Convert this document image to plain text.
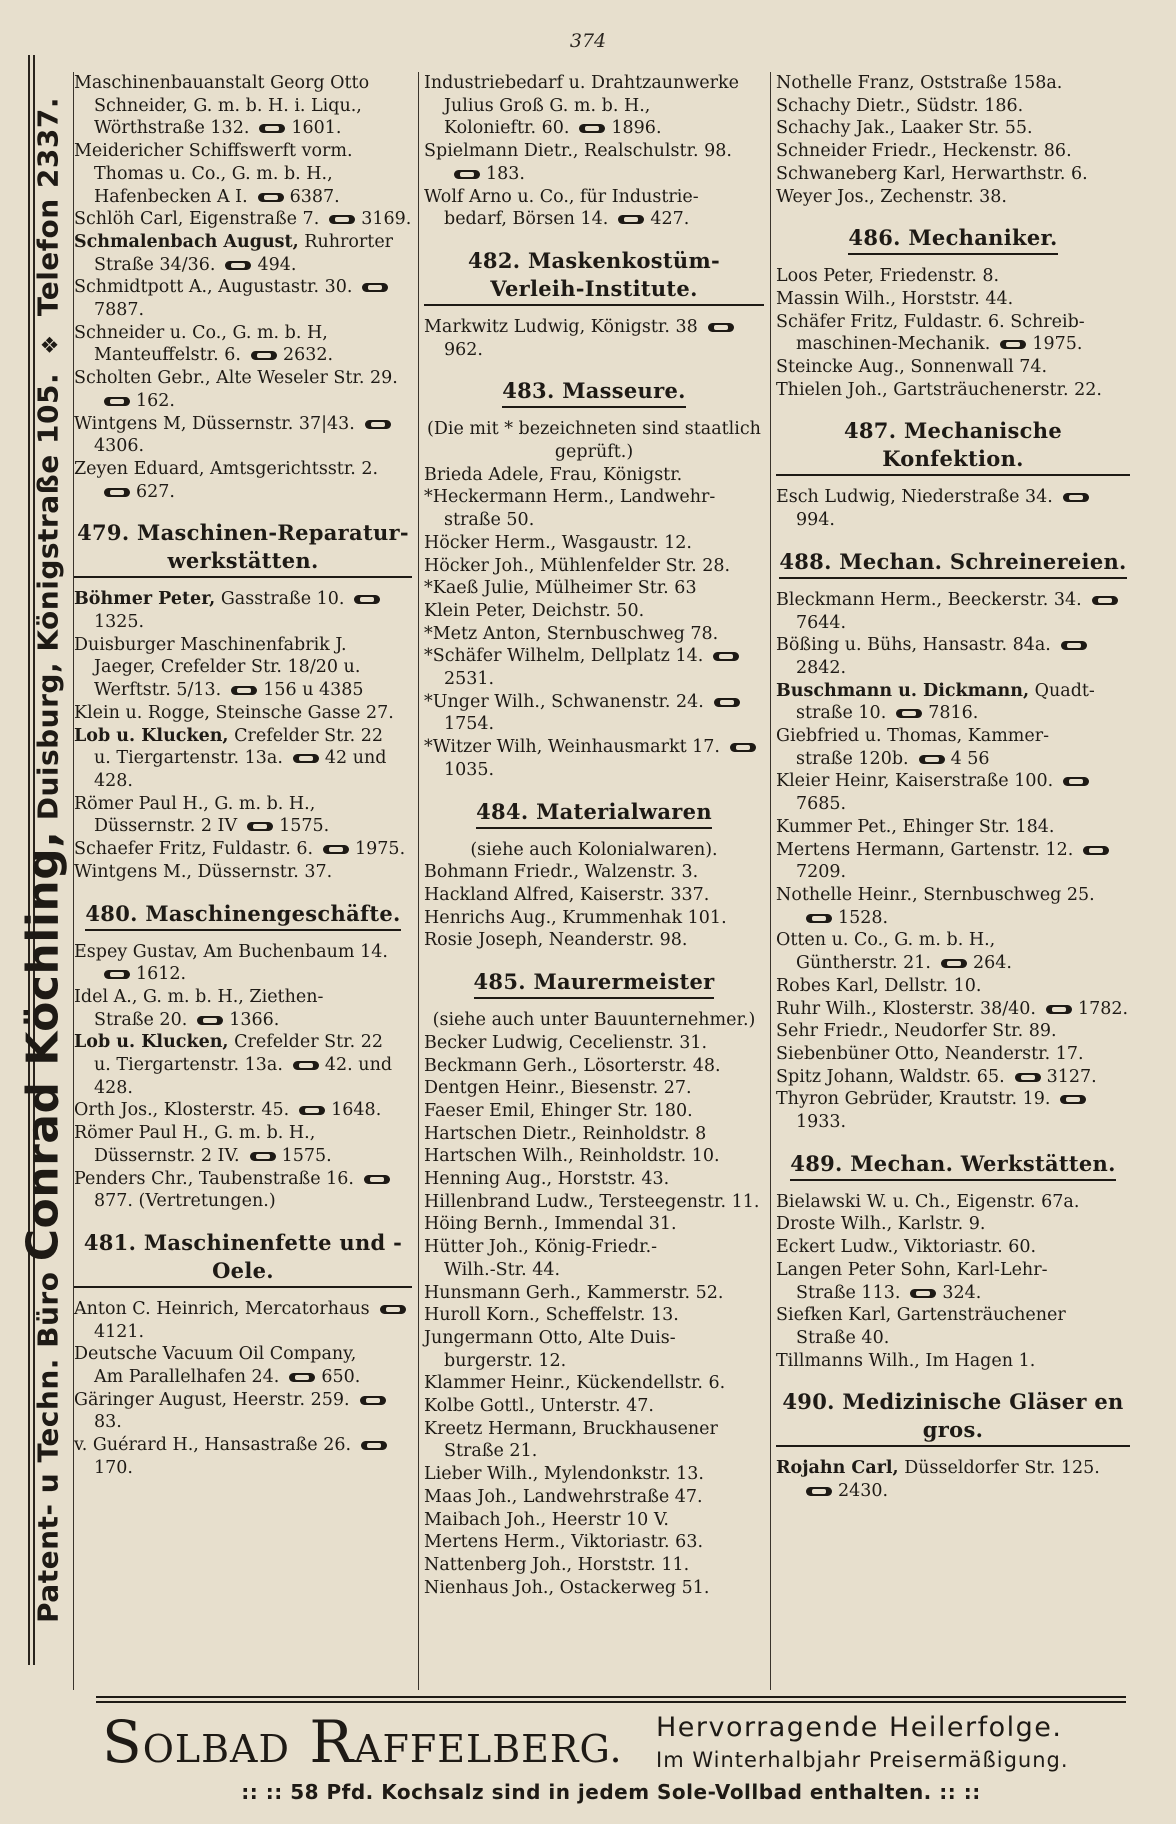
374
Patent- u Techn. Büro Conrad Köchling, Duisburg, Königstraße 105. ❖ Telefon 2337.

Maschinenbauanstalt Georg Otto
Schneider, G. m. b. H. i. Liqu.,
Wörthstraße 132. 1601.

Meidericher Schiffswerft vorm.
Thomas u. Co., G. m. b. H.,
Hafenbecken A I. 6387.

Schlöh Carl, Eigenstraße 7. 3169.

Schmalenbach August, Ruhrorter
Straße 34/36. 494.

Schmidtpott A., Augustastr. 30.7887.

Schneider u. Co., G. m. b. H,
Manteuffelstr. 6. 2632.

Scholten Gebr., Alte Weseler Str. 29.162.

Wintgens M, Düssernstr. 37|43.4306.

Zeyen Eduard, Amtsgerichtsstr. 2.627.

479. Maschinen-Reparatur-werkstätten.

Böhmer Peter, Gasstraße 10.1325.

Duisburger Maschinenfabrik J.
Jaeger, Crefelder Str. 18/20 u.
Werftstr. 5/13. 156 u 4385

Klein u. Rogge, Steinsche Gasse 27.

Lob u. Klucken, Crefelder Str. 22
u. Tiergartenstr. 13a. 42 und 428.

Römer Paul H., G. m. b. H.,
Düssernstr. 2 IV 1575.

Schaefer Fritz, Fuldastr. 6. 1975.

Wintgens M., Düssernstr. 37.

480. Maschinengeschäfte.

Espey Gustav, Am Buchenbaum 14.1612.

Idel A., G. m. b. H., Ziethen-
Straße 20. 1366.

Lob u. Klucken, Crefelder Str. 22
u. Tiergartenstr. 13a. 42. und 428.

Orth Jos., Klosterstr. 45. 1648.

Römer Paul H., G. m. b. H.,
Düssernstr. 2 IV. 1575.

Penders Chr., Taubenstraße 16.877. (Vertretungen.)

481. Maschinenfette und -Oele.

Anton C. Heinrich, Mercatorhaus4121.

Deutsche Vacuum Oil Company,
Am Parallelhafen 24. 650.

Gäringer August, Heerstr. 259.83.

v. Guérard H., Hansastraße 26.170.

Industriebedarf u. Drahtzaunwerke
Julius Groß G. m. b. H.,
Kolonieftr. 60. 1896.

Spielmann Dietr., Realschulstr. 98.183.

Wolf Arno u. Co., für Industrie-
bedarf, Börsen 14. 427.

482. Maskenkostüm-Verleih-Institute.

Markwitz Ludwig, Königstr. 38962.

483. Masseure.

(Die mit * bezeichneten sind staatlich geprüft.)

Brieda Adele, Frau, Königstr.

*Heckermann Herm., Landwehr-
straße 50.

Höcker Herm., Wasgaustr. 12.

Höcker Joh., Mühlenfelder Str. 28.

*Kaeß Julie, Mülheimer Str. 63

Klein Peter, Deichstr. 50.

*Metz Anton, Sternbuschweg 78.

*Schäfer Wilhelm, Dellplatz 14.2531.

*Unger Wilh., Schwanenstr. 24.1754.

*Witzer Wilh, Weinhausmarkt 17.1035.

484. Materialwaren

(siehe auch Kolonialwaren).

Bohmann Friedr., Walzenstr. 3.

Hackland Alfred, Kaiserstr. 337.

Henrichs Aug., Krummenhak 101.

Rosie Joseph, Neanderstr. 98.

485. Maurermeister

(siehe auch unter Bauunternehmer.)

Becker Ludwig, Cecelienstr. 31.

Beckmann Gerh., Lösorterstr. 48.

Dentgen Heinr., Biesenstr. 27.

Faeser Emil, Ehinger Str. 180.

Hartschen Dietr., Reinholdstr. 8

Hartschen Wilh., Reinholdstr. 10.

Henning Aug., Horststr. 43.

Hillenbrand Ludw., Tersteegenstr. 11.

Höing Bernh., Immendal 31.

Hütter Joh., König-Friedr.-
Wilh.-Str. 44.

Hunsmann Gerh., Kammerstr. 52.

Huroll Korn., Scheffelstr. 13.

Jungermann Otto, Alte Duis-
burgerstr. 12.

Klammer Heinr., Kückendellstr. 6.

Kolbe Gottl., Unterstr. 47.

Kreetz Hermann, Bruckhausener
Straße 21.

Lieber Wilh., Mylendonkstr. 13.

Maas Joh., Landwehrstraße 47.

Maibach Joh., Heerstr 10 V.

Mertens Herm., Viktoriastr. 63.

Nattenberg Joh., Horststr. 11.

Nienhaus Joh., Ostackerweg 51.

Nothelle Franz, Oststraße 158a.

Schachy Dietr., Südstr. 186.

Schachy Jak., Laaker Str. 55.

Schneider Friedr., Heckenstr. 86.

Schwaneberg Karl, Herwarthstr. 6.

Weyer Jos., Zechenstr. 38.

486. Mechaniker.

Loos Peter, Friedenstr. 8.

Massin Wilh., Horststr. 44.

Schäfer Fritz, Fuldastr. 6. Schreib-
maschinen-Mechanik. 1975.

Steincke Aug., Sonnenwall 74.

Thielen Joh., Gartsträuchenerstr. 22.

487. Mechanische Konfektion.

Esch Ludwig, Niederstraße 34.994.

488. Mechan. Schreinereien.

Bleckmann Herm., Beeckerstr. 34.7644.

Bößing u. Bühs, Hansastr. 84a.2842.

Buschmann u. Dickmann, Quadt-
straße 10. 7816.

Giebfried u. Thomas, Kammer-
straße 120b. 4 56

Kleier Heinr, Kaiserstraße 100.7685.

Kummer Pet., Ehinger Str. 184.

Mertens Hermann, Gartenstr. 12.7209.

Nothelle Heinr., Sternbuschweg 25.1528.

Otten u. Co., G. m. b. H.,
Güntherstr. 21. 264.

Robes Karl, Dellstr. 10.

Ruhr Wilh., Klosterstr. 38/40. 1782.

Sehr Friedr., Neudorfer Str. 89.

Siebenbüner Otto, Neanderstr. 17.

Spitz Johann, Waldstr. 65. 3127.

Thyron Gebrüder, Krautstr. 19.1933.

489. Mechan. Werkstätten.

Bielawski W. u. Ch., Eigenstr. 67a.

Droste Wilh., Karlstr. 9.

Eckert Ludw., Viktoriastr. 60.

Langen Peter Sohn, Karl-Lehr-
Straße 113. 324.

Siefken Karl, Gartensträuchener
Straße 40.

Tillmanns Wilh., Im Hagen 1.

490. Medizinische Gläser en gros.

Rojahn Carl, Düsseldorfer Str. 125.2430.

SOLBAD RAFFELBERG. Hervorragende Heilerfolge.
Im Winterhalbjahr Preisermäßigung.
:: :: 58 Pfd. Kochsalz sind in jedem Sole-Vollbad enthalten. :: ::
